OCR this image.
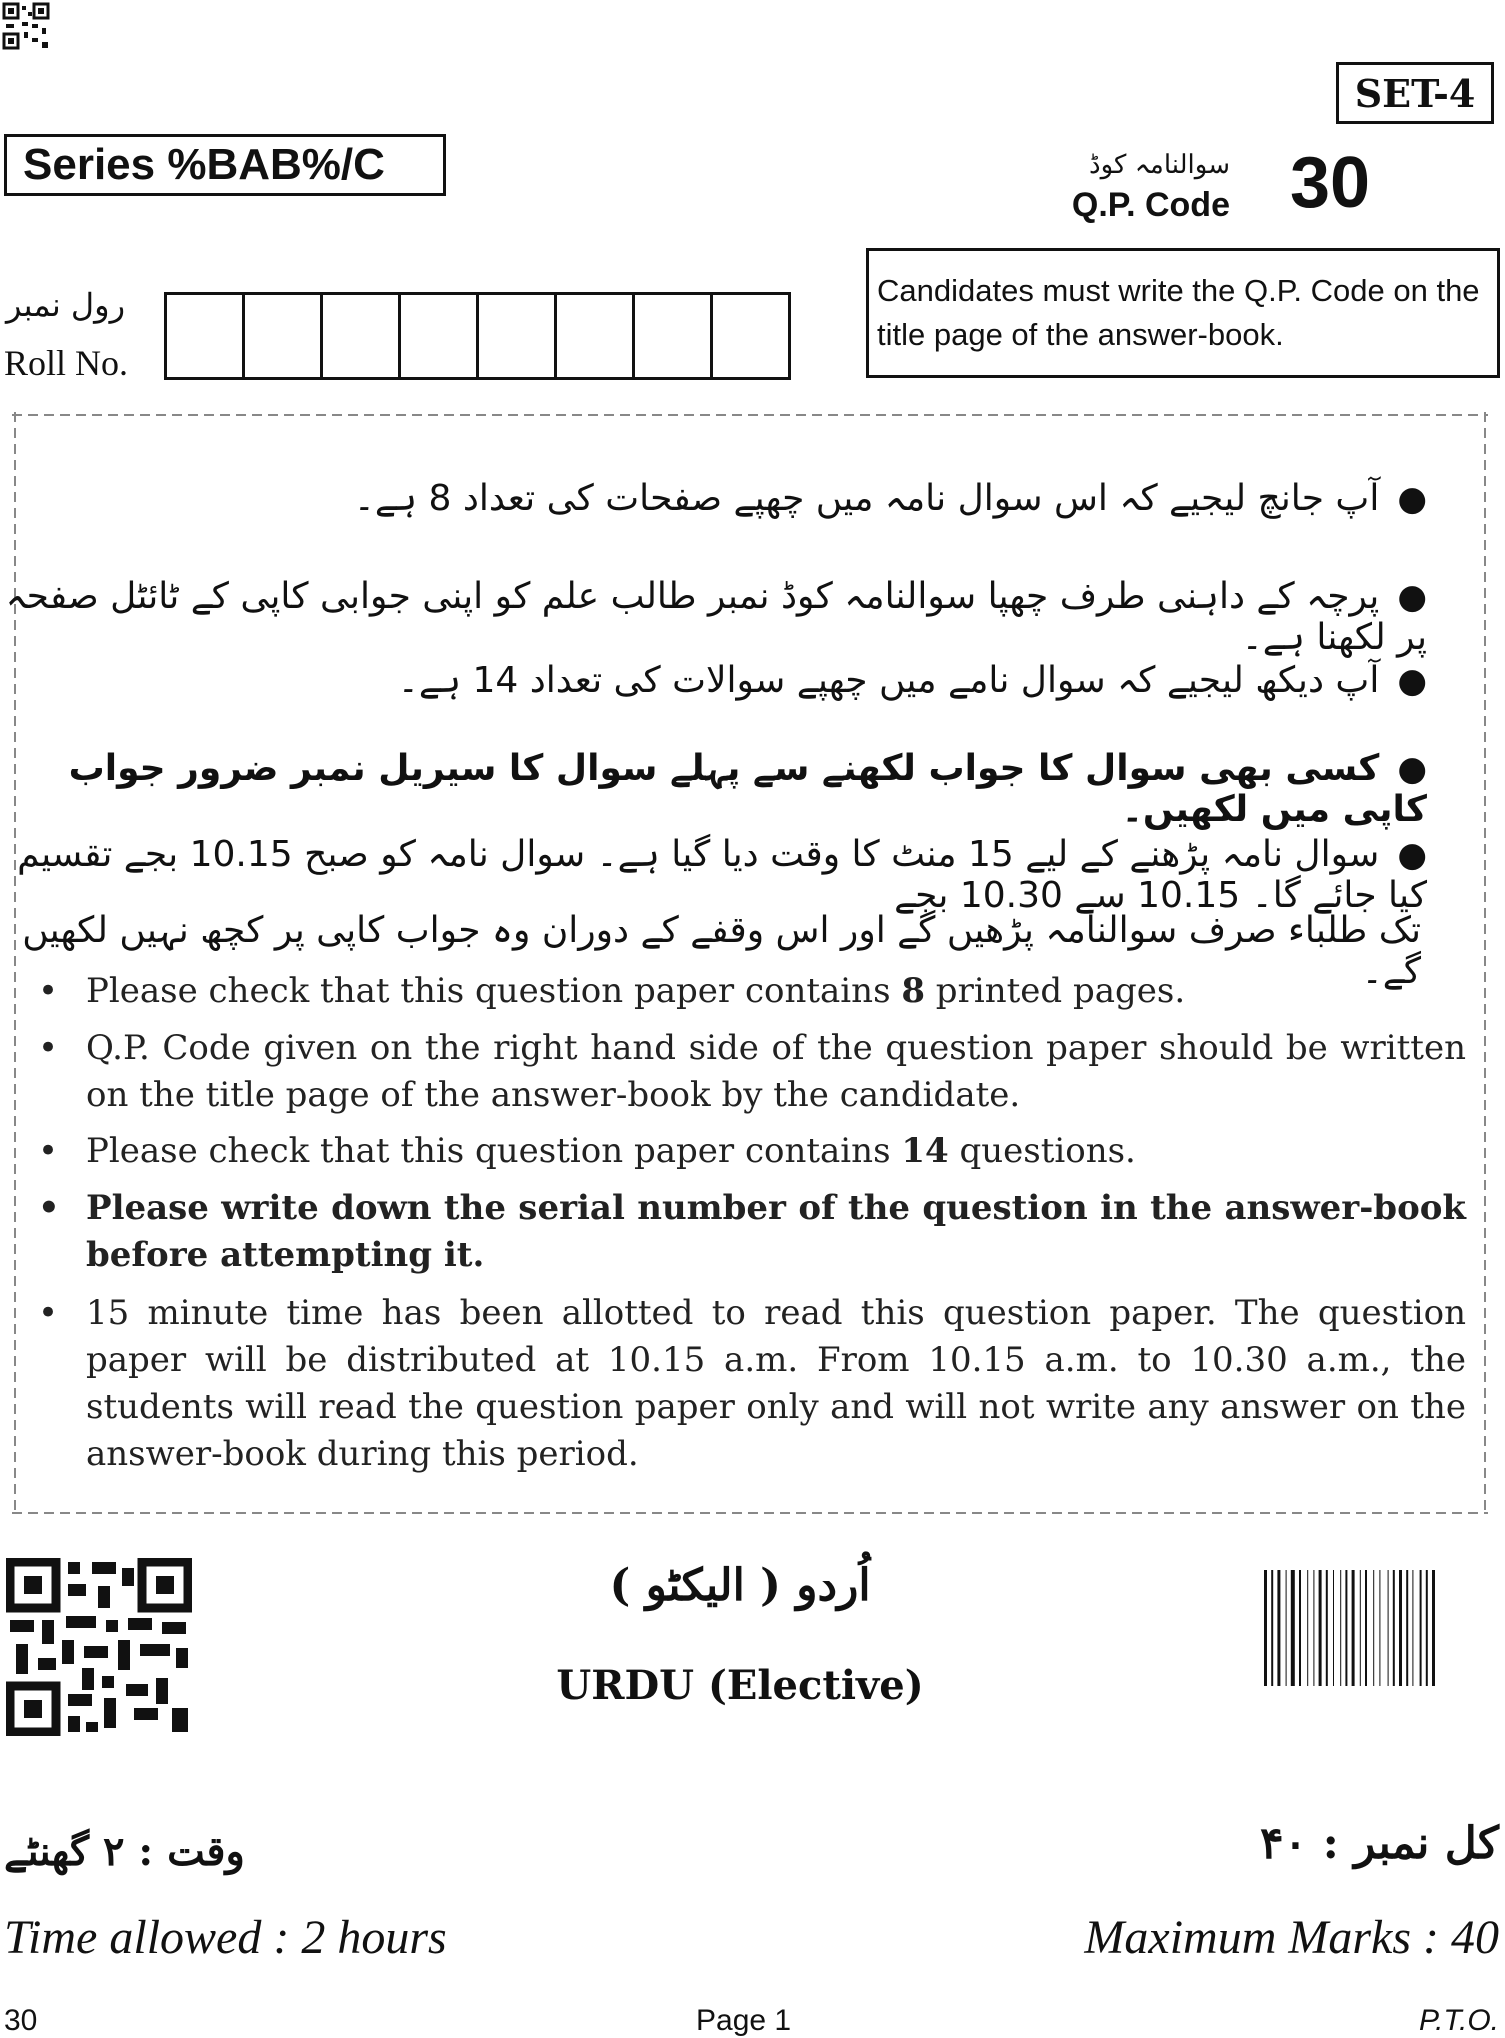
SET-4
Series %BAB%/C	سوالنامہ کوڈ
Q.P. Code 30
Candidates must write the Q.P. Code on the title page of the answer-book.
رول نمبر
Roll No.
●آپ جانچ لیجیے کہ اس سوال نامہ میں چھپے صفحات کی تعداد 8 ہے۔
●پرچہ کے داہنی طرف چھپا سوالنامہ کوڈ نمبر طالب علم کو اپنی جوابی کاپی کے ٹائٹل صفحہ پر لکھنا ہے۔
●آپ دیکھ لیجیے کہ سوال نامے میں چھپے سوالات کی تعداد 14 ہے۔
●کسی بھی سوال کا جواب لکھنے سے پہلے سوال کا سیریل نمبر ضرور جواب کاپی میں لکھیں۔
●سوال نامہ پڑھنے کے لیے 15 منٹ کا وقت دیا گیا ہے۔ سوال نامہ کو صبح 10.15 بجے تقسیم کیا جائے گا۔ 10.15 سے 10.30 بجے
تک طلباء صرف سوالنامہ پڑھیں گے اور اس وقفے کے دوران وہ جواب کاپی پر کچھ نہیں لکھیں گے۔
• Please check that this question paper contains 8 printed pages.
• Q.P. Code given on the right hand side of the question paper should be written on the title page of the answer-book by the candidate.
• Please check that this question paper contains 14 questions.
• Please write down the serial number of the question in the answer-book before attempting it.
• 15 minute time has been allotted to read this question paper. The question paper will be distributed at 10.15 a.m. From 10.15 a.m. to 10.30 a.m., the students will read the question paper only and will not write any answer on the answer-book during this period.
اُردو ( الیکٹو )
URDU (Elective)
وقت : ۲ گھنٹے	کل نمبر : ۴۰
Time allowed : 2 hours	Maximum Marks : 40
30	Page 1	P.T.O.
